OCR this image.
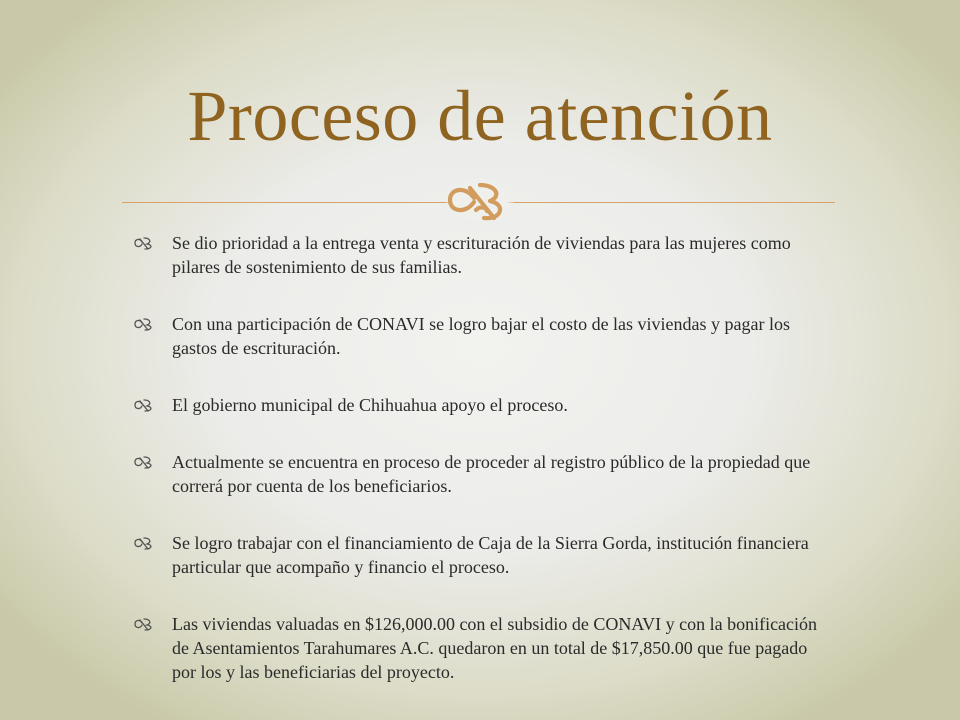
Proceso de atención
Se dio prioridad a la entrega venta y escrituración de viviendas para las mujeres como pilares de sostenimiento de sus familias.
Con una participación de CONAVI se logro bajar el costo de las viviendas y pagar los gastos de escrituración.
El gobierno municipal de Chihuahua apoyo el proceso.
Actualmente se encuentra en proceso de proceder al registro público de la propiedad que correrá por cuenta de los beneficiarios.
Se logro trabajar con el financiamiento de Caja de la Sierra Gorda, institución financiera particular que acompaño y financio el proceso.
Las viviendas valuadas en $126,000.00 con el subsidio de CONAVI y con la bonificación de Asentamientos Tarahumares A.C. quedaron en un total de $17,850.00 que fue pagado por los y las beneficiarias del proyecto.
